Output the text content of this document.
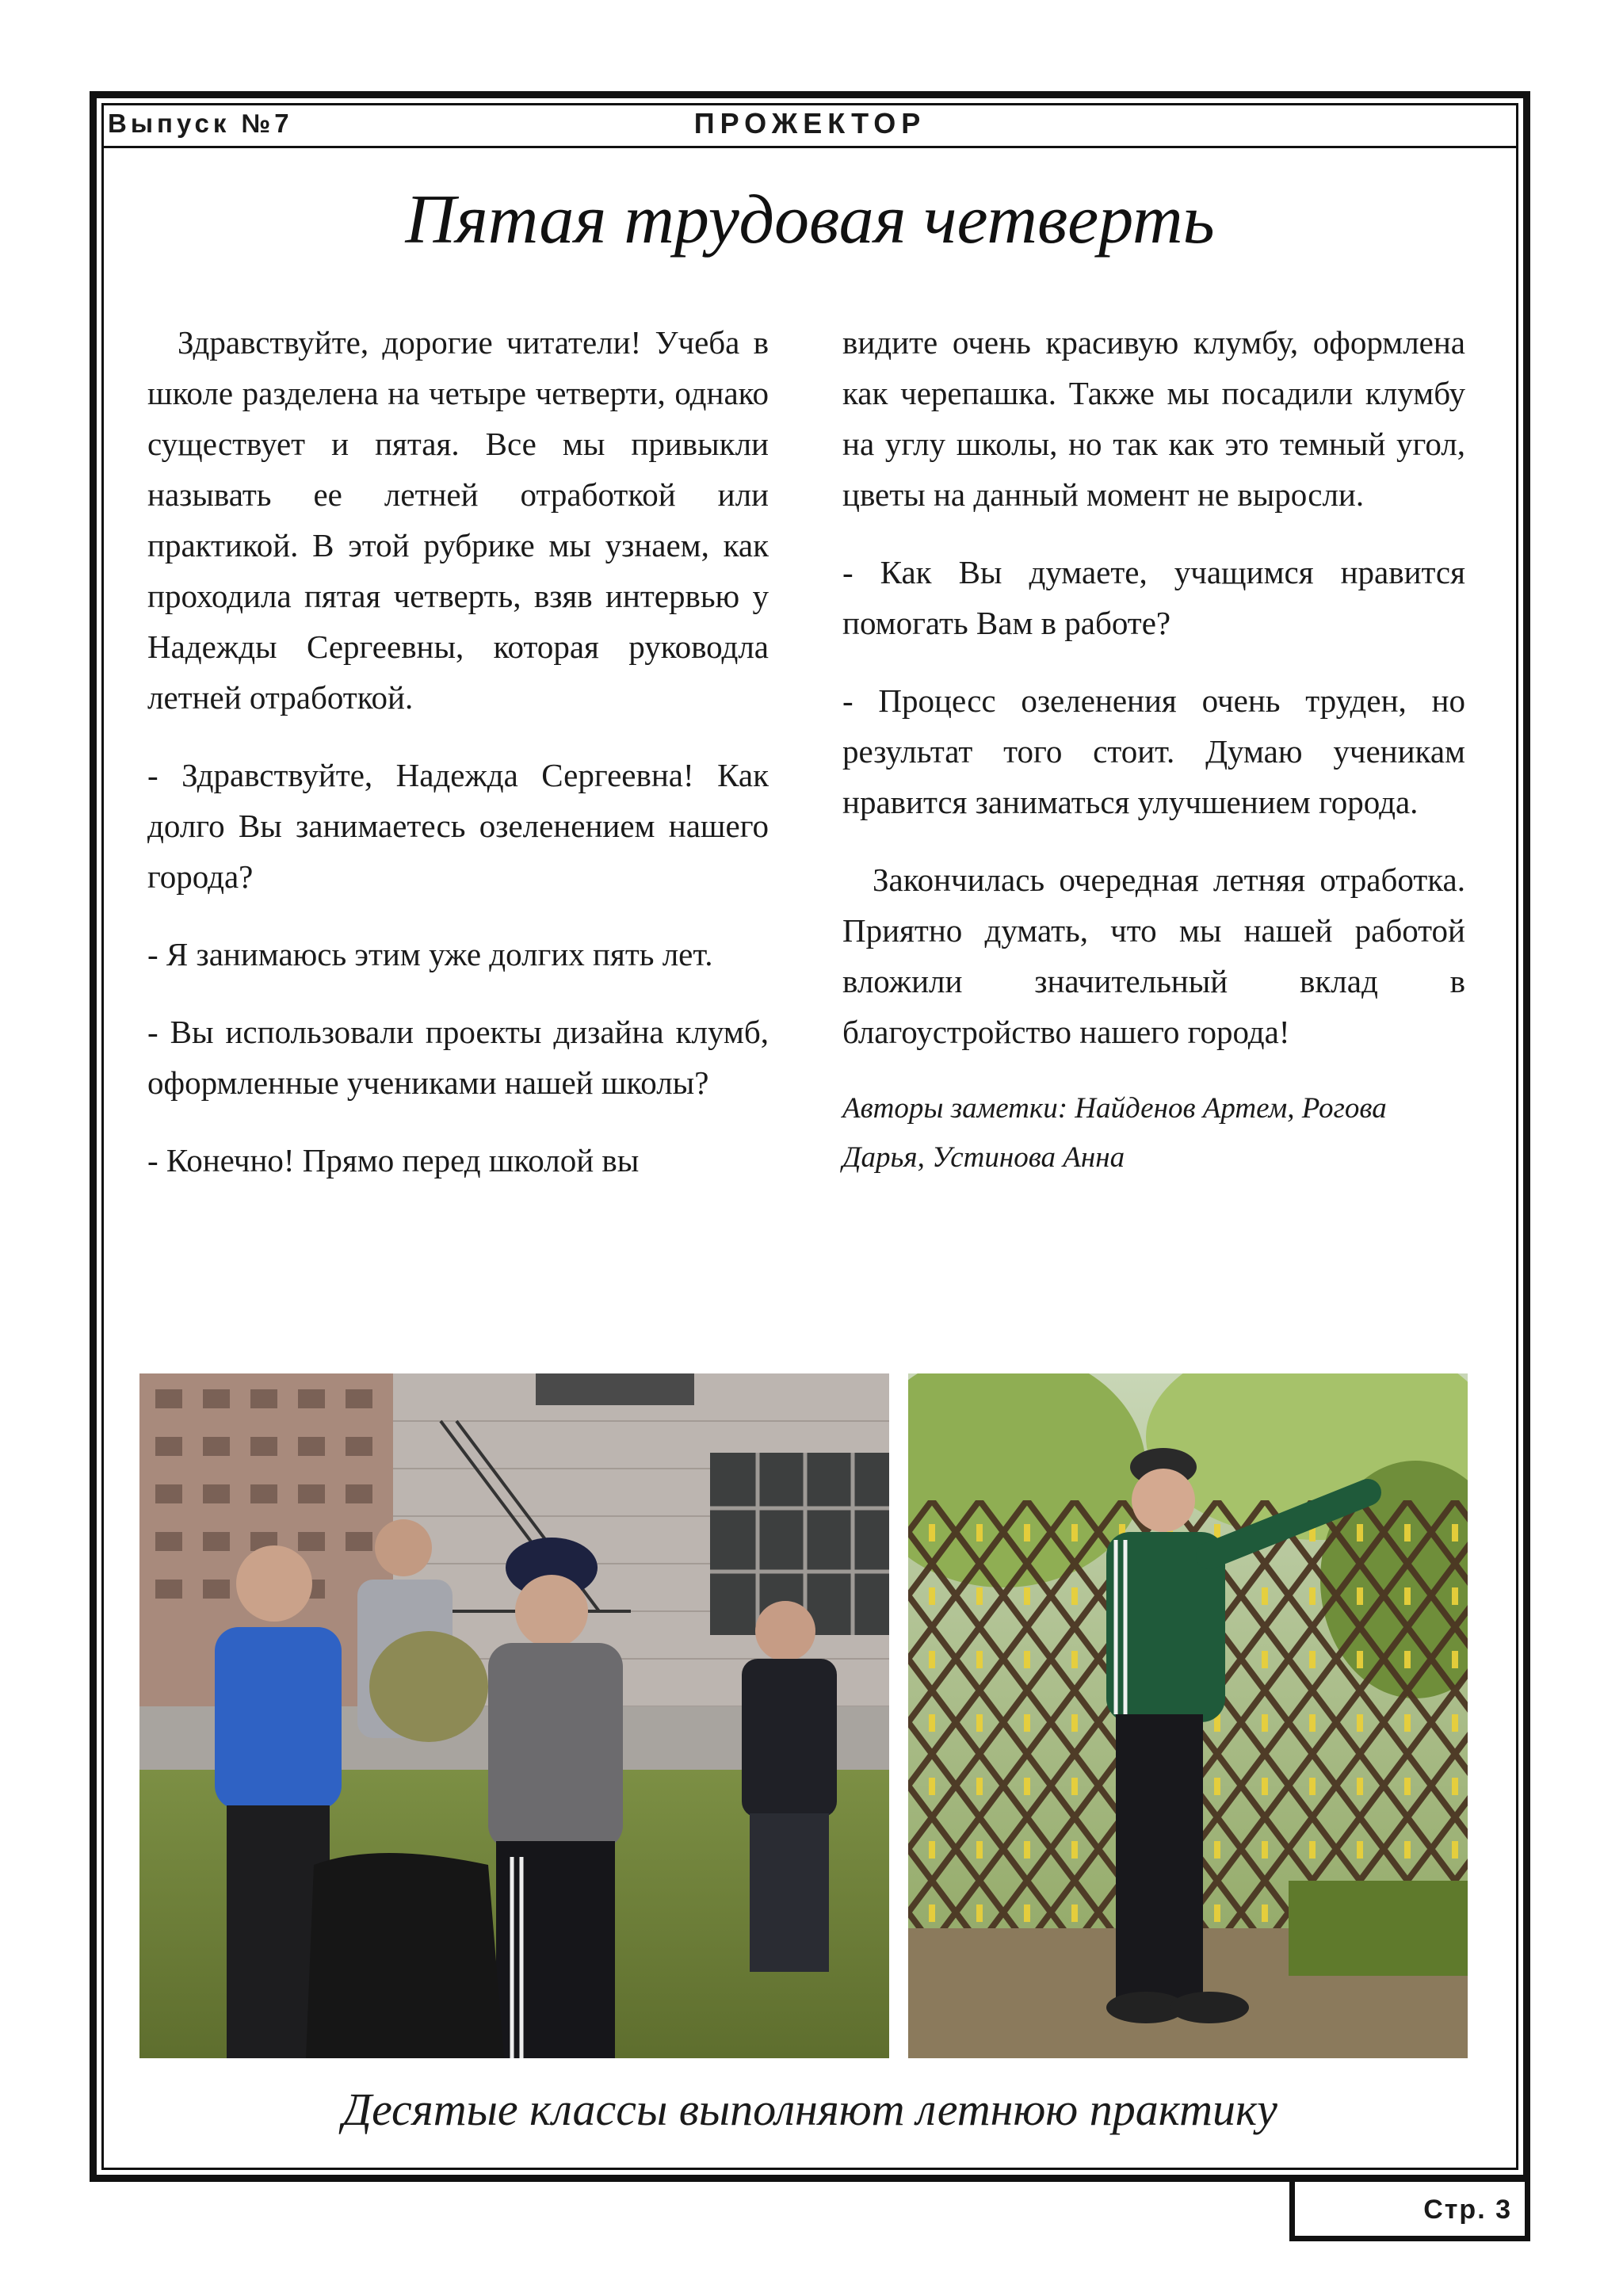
Выпуск №7	ПРОЖЕКТОР
Пятая трудовая четверть

Здравствуйте, дорогие читатели! Учеба в школе разделена на четыре четверти, однако существует и пятая. Все мы привыкли называть ее летней отработкой или практикой. В этой рубрике мы узнаем, как проходила пятая четверть, взяв интервью у Надежды Сергеевны, которая руководла летней отработкой.

- Здравствуйте, Надежда Сергеевна! Как долго Вы занимаетесь озеленением нашего города?

- Я занимаюсь этим уже долгих пять лет.

- Вы использовали проекты дизайна клумб, оформленные учениками нашей школы?

- Конечно! Прямо перед школой вы

видите очень красивую клумбу, оформлена как черепашка. Также мы посадили клумбу на углу школы, но так как это темный угол, цветы на данный момент не выросли.

- Как Вы думаете, учащимся нравится помогать Вам в работе?

- Процесс озеленения очень труден, но результат того стоит. Думаю ученикам нравится заниматься улучшением города.

Закончилась очередная летняя отработка. Приятно думать, что мы нашей работой вложили значительный вклад в благоустройство нашего города!

Авторы заметки: Найденов Артем, Рогова Дарья, Устинова Анна

Десятые классы выполняют летнюю практику
Стр. 3
